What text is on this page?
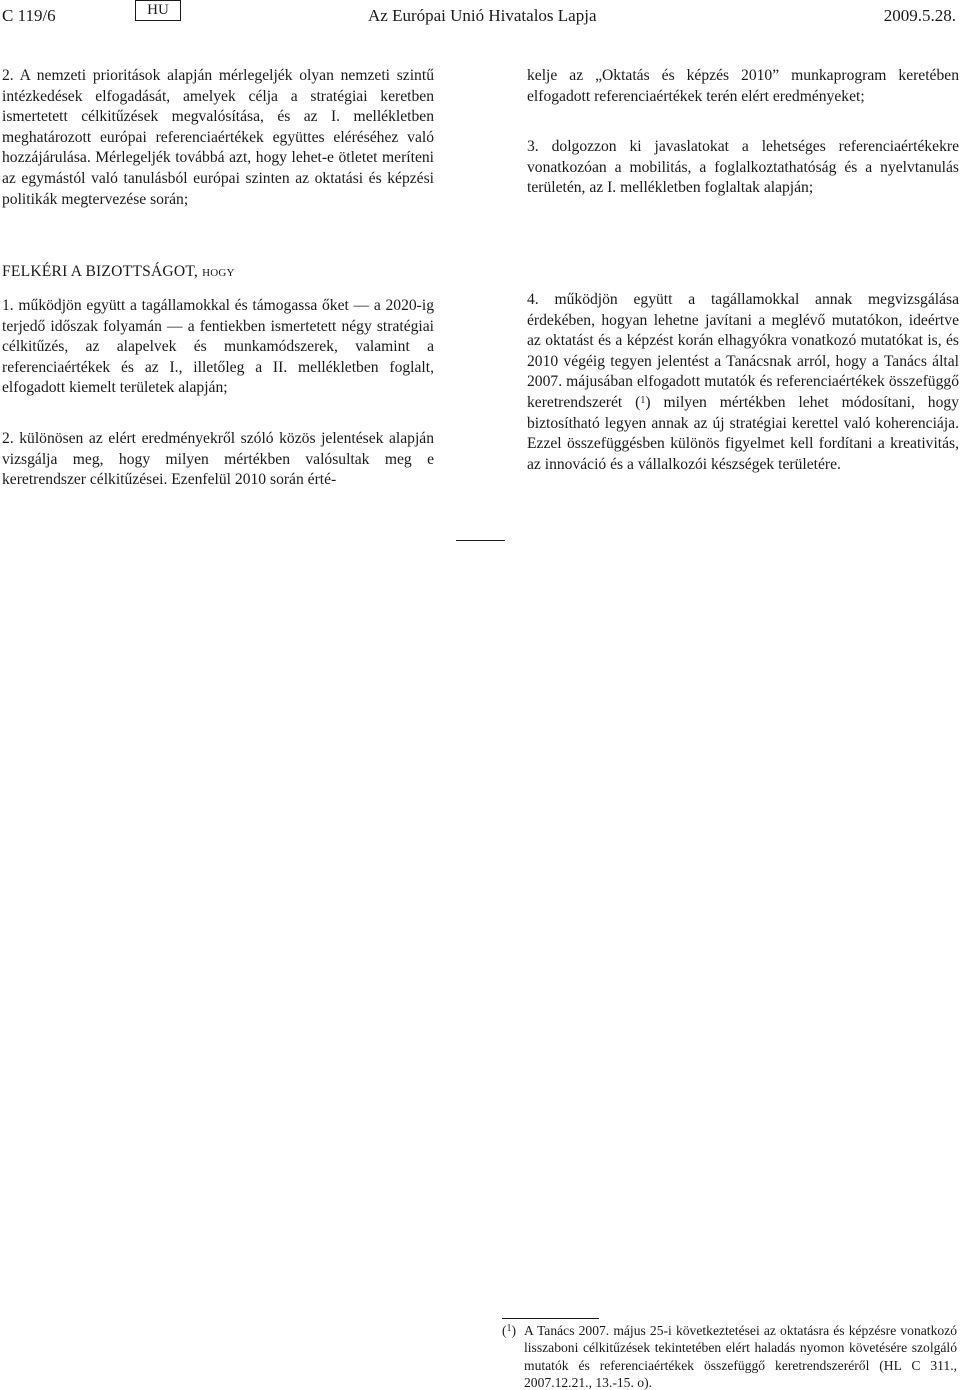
C 119/6	HU	Az Európai Unió Hivatalos Lapja	2009.5.28.

2. A nemzeti prioritások alapján mérlegeljék olyan nemzeti szintű intézkedések elfogadását, amelyek célja a stratégiai keretben ismertetett célkitűzések megvalósítása, és az I. mellékletben meghatározott európai referenciaértékek együttes eléréséhez való hozzájárulása. Mérlegeljék továbbá azt, hogy lehet-e ötletet meríteni az egymástól való tanulásból európai szinten az oktatási és képzési politikák megtervezése során;

kelje az „Oktatás és képzés 2010” munkaprogram keretében elfogadott referenciaértékek terén elért eredményeket;

3. dolgozzon ki javaslatokat a lehetséges referenciaértékekre vonatkozóan a mobilitás, a foglalkoztathatóság és a nyelvtanulás területén, az I. mellékletben foglaltak alapján;

FELKÉRI A BIZOTTSÁGOT, hogy

1. működjön együtt a tagállamokkal és támogassa őket — a 2020-ig terjedő időszak folyamán — a fentiekben ismertetett négy stratégiai célkitűzés, az alapelvek és munkamódszerek, valamint a referenciaértékek és az I., illetőleg a II. mellékletben foglalt, elfogadott kiemelt területek alapján;

2. különösen az elért eredményekről szóló közös jelentések alapján vizsgálja meg, hogy milyen mértékben valósultak meg e keretrendszer célkitűzései. Ezenfelül 2010 során érté-

4. működjön együtt a tagállamokkal annak megvizsgálása érdekében, hogyan lehetne javítani a meglévő mutatókon, ideértve az oktatást és a képzést korán elhagyókra vonatkozó mutatókat is, és 2010 végéig tegyen jelentést a Tanácsnak arról, hogy a Tanács által 2007. májusában elfogadott mutatók és referenciaértékek összefüggő keretrendszerét ($^1$) milyen mértékben lehet módosítani, hogy biztosítható legyen annak az új stratégiai kerettel való koherenciája. Ezzel összefüggésben különös figyelmet kell fordítani a kreativitás, az innováció és a vállalkozói készségek területére.

($^1$) A Tanács 2007. május 25-i következtetései az oktatásra és képzésre vonatkozó lisszaboni célkitűzések tekintetében elért haladás nyomon követésére szolgáló mutatók és referenciaértékek összefüggő keretrendszeréről (HL C 311., 2007.12.21., 13.-15. o).
